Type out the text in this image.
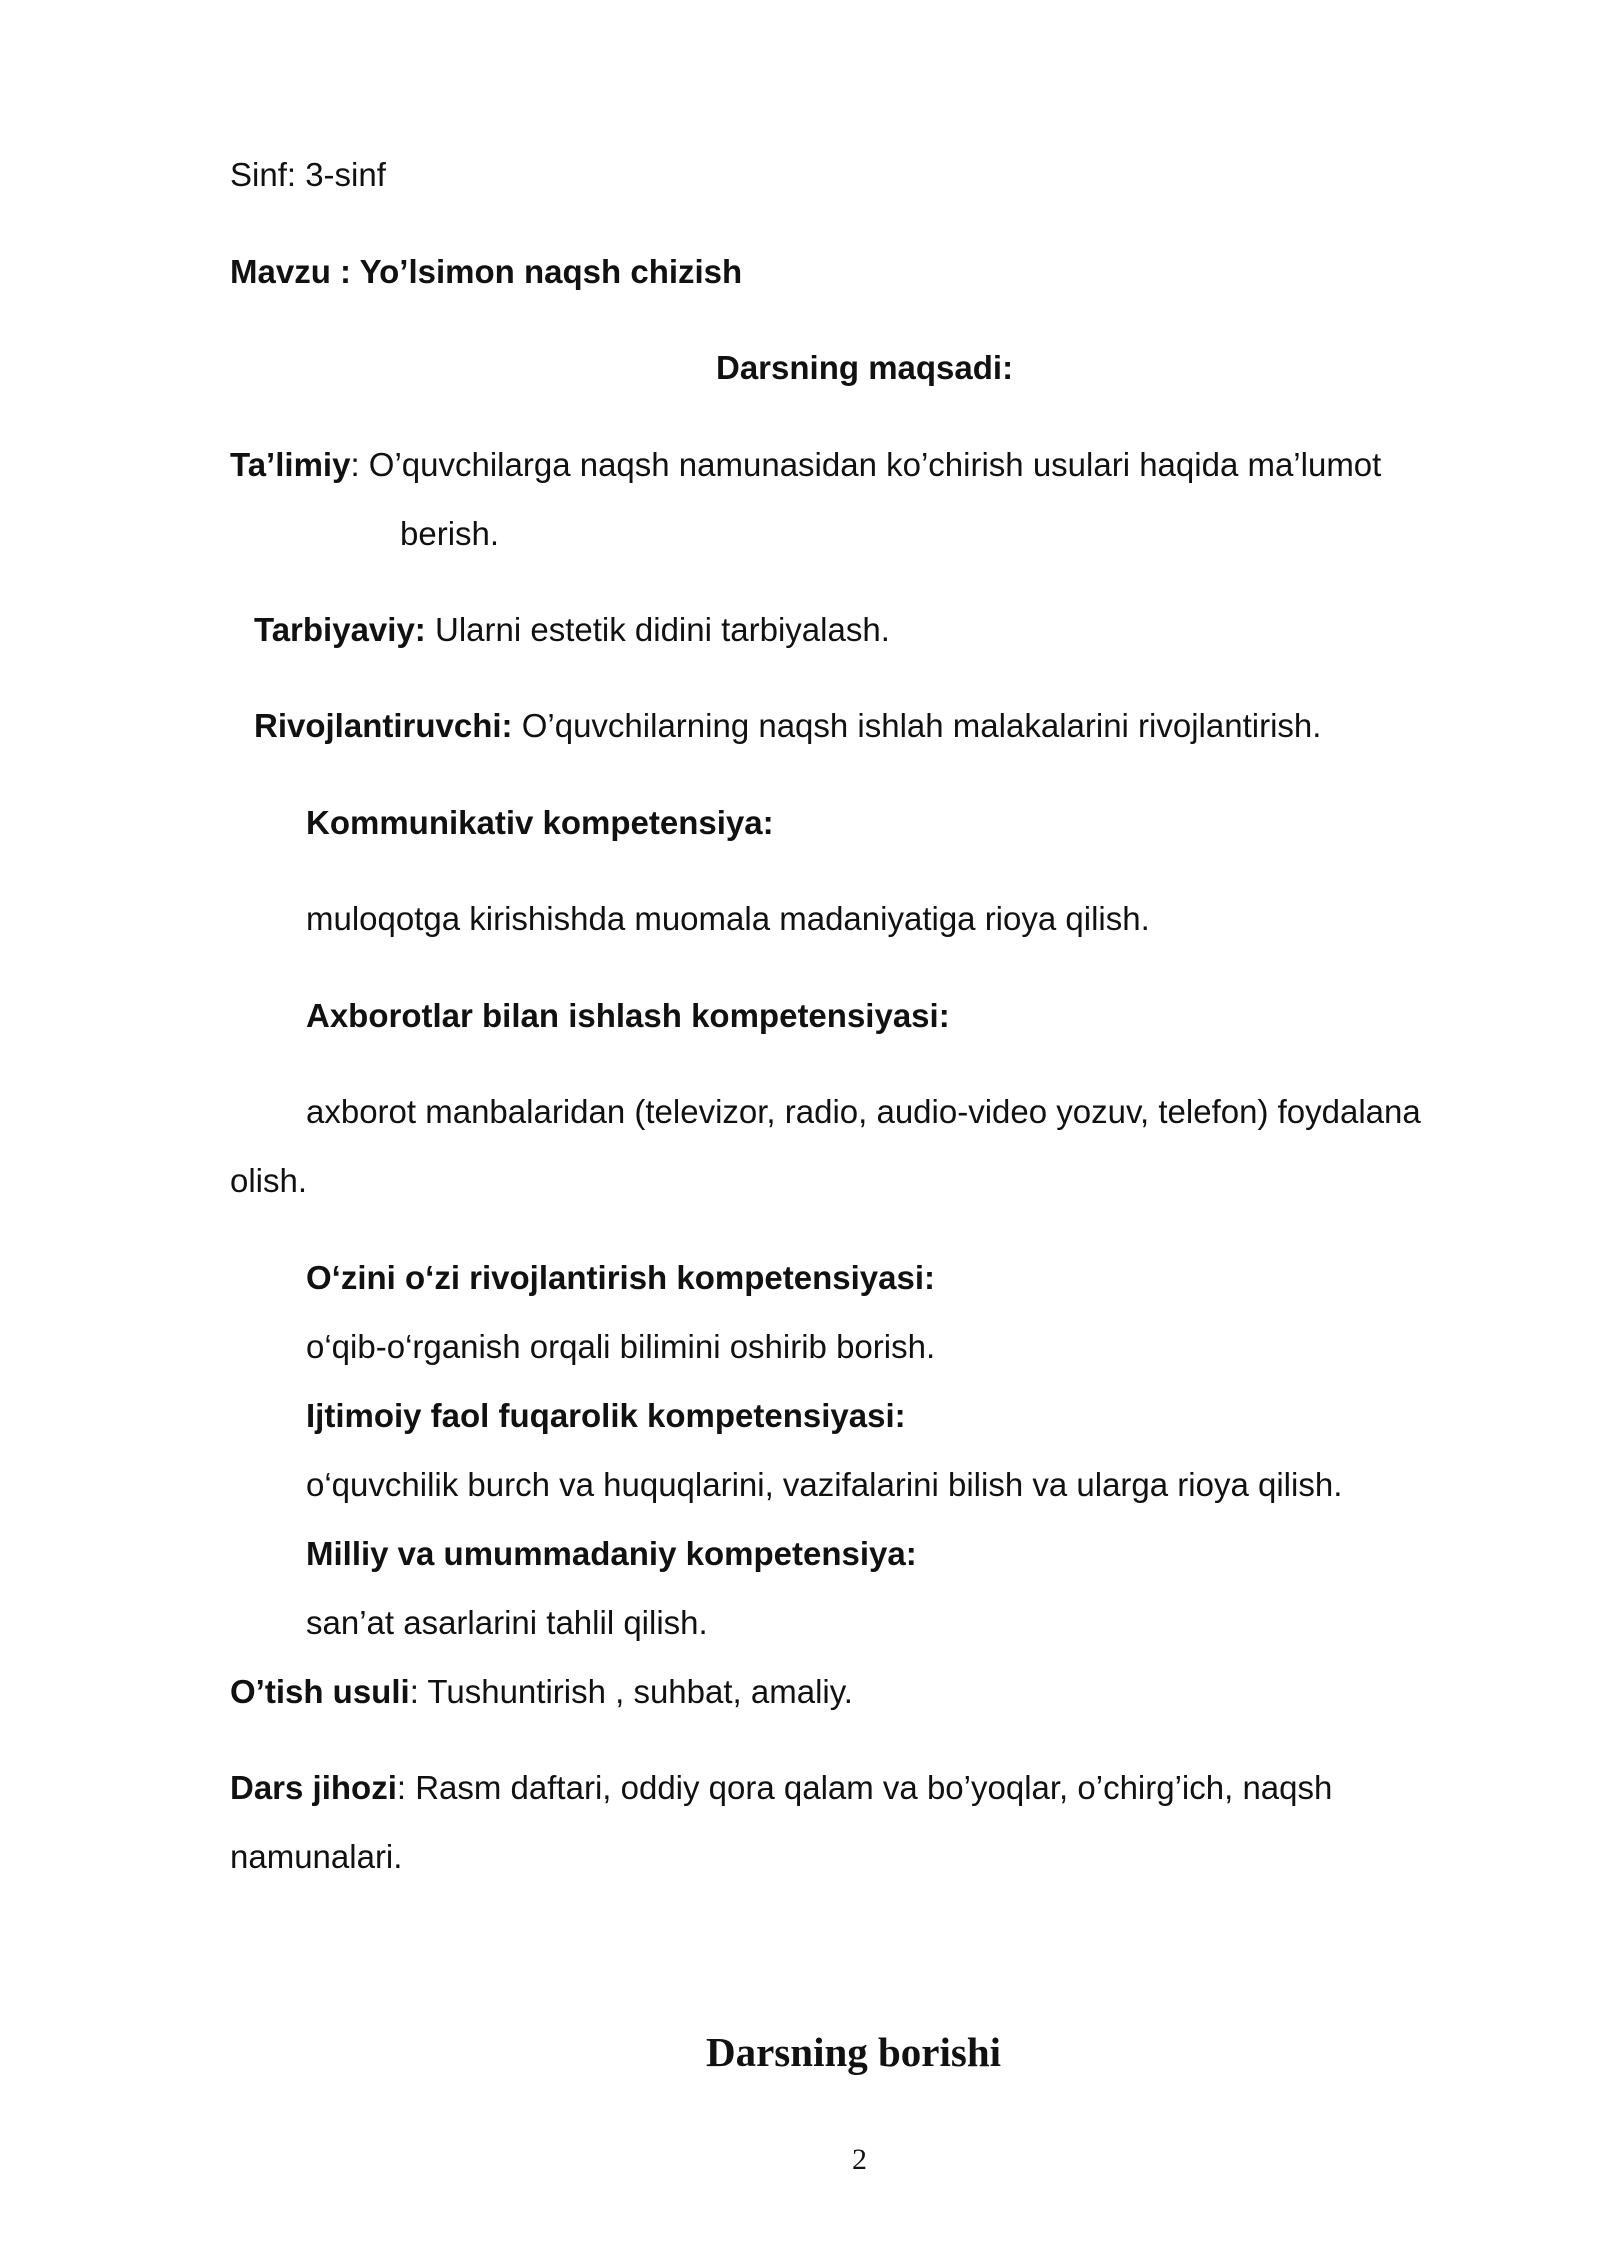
Sinf: 3-sinf

Mavzu : Yo’lsimon naqsh chizish

Darsning maqsadi:

Ta’limiy: O’quvchilarga naqsh namunasidan ko’chirish usulari haqida ma’lumot

berish.

Tarbiyaviy: Ularni estetik didini tarbiyalash.

Rivojlantiruvchi: O’quvchilarning naqsh ishlah malakalarini rivojlantirish.

Kommunikativ kompetensiya:

muloqotga kirishishda muomala madaniyatiga rioya qilish.

Axborotlar bilan ishlash kompetensiyasi:

axborot manbalaridan (televizor, radio, audio-video yozuv, telefon) foydalana

olish.

O‘zini o‘zi rivojlantirish kompetensiyasi:

o‘qib-o‘rganish orqali bilimini oshirib borish.

Ijtimoiy faol fuqarolik kompetensiyasi:

o‘quvchilik burch va huquqlarini, vazifalarini bilish va ularga rioya qilish.

Milliy va umummadaniy kompetensiya:

san’at asarlarini tahlil qilish.

O’tish usuli: Tushuntirish , suhbat, amaliy.

Dars jihozi: Rasm daftari, oddiy qora qalam va bo’yoqlar, o’chirg’ich, naqsh

namunalari.

Darsning borishi

2
